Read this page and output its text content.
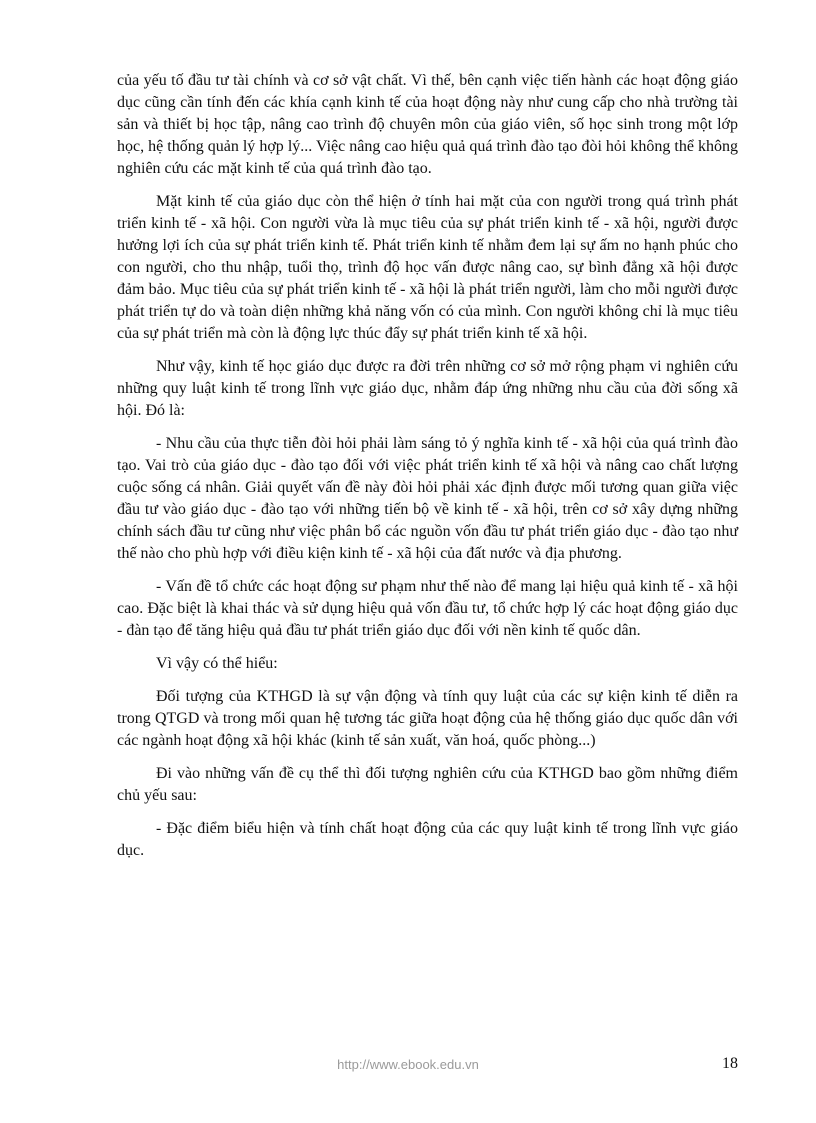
của yếu tố đầu tư tài chính và cơ sở vật chất. Vì thế, bên cạnh việc tiến hành các hoạt động giáo dục cũng cần tính đến các khía cạnh kinh tế của hoạt động này như cung cấp cho nhà trường tài sản và thiết bị học tập, nâng cao trình độ chuyên môn của giáo viên, số học sinh trong một lớp học, hệ thống quản lý hợp lý... Việc nâng cao hiệu quả quá trình đào tạo đòi hỏi không thể không nghiên cứu các mặt kinh tế của quá trình đào tạo.

Mặt kinh tế của giáo dục còn thể hiện ở tính hai mặt của con người trong quá trình phát triển kinh tế - xã hội. Con người vừa là mục tiêu của sự phát triển kinh tế - xã hội, người được hưởng lợi ích của sự phát triển kinh tế. Phát triển kinh tế nhằm đem lại sự ấm no hạnh phúc cho con người, cho thu nhập, tuổi thọ, trình độ học vấn được nâng cao, sự bình đẳng xã hội được đảm bảo. Mục tiêu của sự phát triển kinh tế - xã hội là phát triển người, làm cho mỗi người được phát triển tự do và toàn diện những khả năng vốn có của mình. Con người không chỉ là mục tiêu của sự phát triển mà còn là động lực thúc đẩy sự phát triển kinh tế xã hội.

Như vậy, kinh tế học giáo dục được ra đời trên những cơ sở mở rộng phạm vi nghiên cứu những quy luật kinh tế trong lĩnh vực giáo dục, nhằm đáp ứng những nhu cầu của đời sống xã hội. Đó là:

- Nhu cầu của thực tiễn đòi hỏi phải làm sáng tỏ ý nghĩa kinh tế - xã hội của quá trình đào tạo. Vai trò của giáo dục - đào tạo đối với việc phát triển kinh tế xã hội và nâng cao chất lượng cuộc sống cá nhân. Giải quyết vấn đề này đòi hỏi phải xác định được mối tương quan giữa việc đầu tư vào giáo dục - đào tạo với những tiến bộ về kinh tế - xã hội, trên cơ sở xây dựng những chính sách đầu tư cũng như việc phân bổ các nguồn vốn đầu tư phát triển giáo dục - đào tạo như thế nào cho phù hợp với điều kiện kinh tế - xã hội của đất nước và địa phương.

- Vấn đề tổ chức các hoạt động sư phạm như thế nào để mang lại hiệu quả kinh tế - xã hội cao. Đặc biệt là khai thác và sử dụng hiệu quả vốn đầu tư, tổ chức hợp lý các hoạt động giáo dục - đàn tạo để tăng hiệu quả đầu tư phát triển giáo dục đối với nền kinh tế quốc dân.

Vì vậy có thể hiểu:

Đối tượng của KTHGD là sự vận động và tính quy luật của các sự kiện kinh tế diễn ra trong QTGD và trong mối quan hệ tương tác giữa hoạt động của hệ thống giáo dục quốc dân với các ngành hoạt động xã hội khác (kinh tế sản xuất, văn hoá, quốc phòng...)

Đi vào những vấn đề cụ thể thì đối tượng nghiên cứu của KTHGD bao gồm những điểm chủ yếu sau:

- Đặc điểm biểu hiện và tính chất hoạt động của các quy luật kinh tế trong lĩnh vực giáo dục.

http://www.ebook.edu.vn	18
